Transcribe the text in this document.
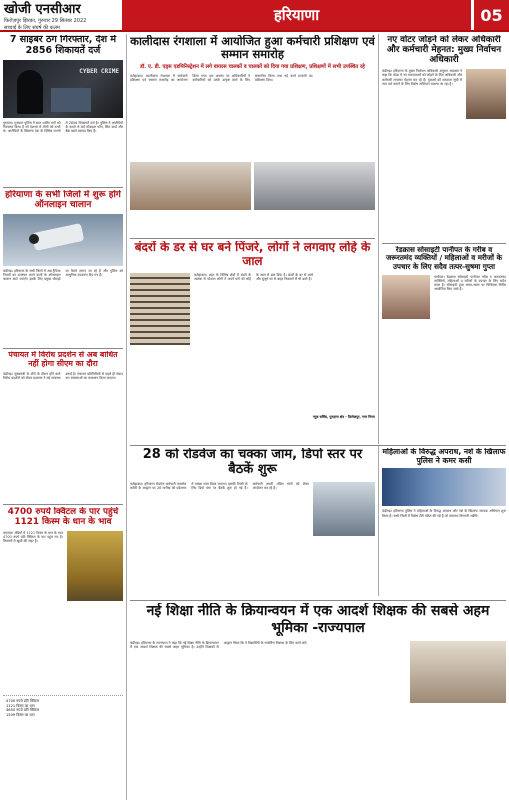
खोजी एनसीआर
फ़िरोज़पुर झिरका, गुरुवार 29 सितंबर 2022
सच्चाई के लिए संघर्ष की कलम
हरियाणा	05
7 साइबर ठग गिरफ्तार, देश में 2856 शिकायतें दर्ज
CYBER CRIME
गुरुग्राम। गुरुग्राम पुलिस ने सात शातिर ठगों को गिरफ्तार किया है जो देशभर में लोगों को ठगते थे। आरोपियों के खिलाफ देश के विभिन्न राज्यों में 2856 शिकायतें दर्ज हैं। पुलिस ने आरोपियों के कब्जे से कई मोबाइल फोन, सिम कार्ड और बैंक खाते बरामद किए हैं।
हरियाणा के सभी जिलों में शुरू होंगे ऑनलाइन चालान
चंडीगढ़। हरियाणा के सभी जिलों में अब ट्रैफिक नियमों का उल्लंघन करने वालों के ऑनलाइन चालान काटे जाएंगे। इसके लिए प्रमुख चौराहों पर कैमरे लगाए जा रहे हैं और पुलिस को आधुनिक उपकरण दिए गए हैं।
पंचायत में विरोध प्रदर्शन से अब बाधित नहीं होगा सीएम का दौरा
चंडीगढ़। मुख्यमंत्री के दौरों के दौरान होने वाले विरोध प्रदर्शनों को लेकर प्रशासन ने नई व्यवस्था बनाई है। पंचायत प्रतिनिधियों से पहले ही संवाद कर समस्याओं का समाधान किया जाएगा।
4700 रुपये क्विंटल के पार पहुंचे 1121 किस्म के धान के भाव
करनाल। मंडियों में 1121 किस्म के धान के भाव 4700 रुपये प्रति क्विंटल के पार पहुंच गए हैं। किसानों में खुशी की लहर है।
4700 रुपये प्रति क्विंटल
1121 किस्म का धान
4650 रुपये प्रति क्विंटल
1509 किस्म का धान
कालीदास रंगशाला में आयोजित हुआ कर्मचारी प्रशिक्षण एवं सम्मान समारोह
डॉ. ए. डी. एड्स एडमिनिस्ट्रेशन में लगे वायरस चालकों व चालकों को दिया गया प्रशिक्षण, प्रशिक्षणों में सभी उपस्थित रहे
फ़तेहाबाद। कालीदास रंगशाला में कर्मचारी प्रशिक्षण एवं सम्मान समारोह का आयोजन किया गया। इस अवसर पर अधिकारियों ने कर्मचारियों को उनके उत्कृष्ट कार्य के लिए सम्मानित किया तथा नई कार्य प्रणाली का प्रशिक्षण दिया।
बंदरों के डर से घर बने पिंजरे, लोगों ने लगवाए लोहे के जाल
फ़तेहाबाद। शहर के विभिन्न क्षेत्रों में बंदरों के आतंक से परेशान लोगों ने अपने घरों को लोहे के जाल से ढक दिया है। बंदरों के डर से बच्चे और बुजुर्ग घर से बाहर निकलने में भी डरते हैं।
न्यूज़ सर्विस, पुनहाना क्षेत्र - फ़िरोज़पुर, नगर निगम
नए वोटर जोड़ने को लेकर अधिकारी और कर्मचारी मेहनत: मुख्य निर्वाचन अधिकारी
चंडीगढ़। हरियाणा के मुख्य निर्वाचन अधिकारी अनुराग अग्रवाल ने कहा कि प्रदेश में नए मतदाताओं को जोड़ने के लिए अधिकारी और कर्मचारी लगातार मेहनत कर रहे हैं। युवाओं को मतदाता सूची में नाम दर्ज कराने के लिए विशेष अभियान चलाया जा रहा है।
रेडक्रास सोसाइटी पानीपत के गरीब व जरूरतमंद व्यक्तियों / महिलाओं व मरीजों के उपचार के लिए सदैव तत्पर-सुषमा गुप्ता
पानीपत। रेडक्रास सोसाइटी पानीपत गरीब व जरूरतमंद व्यक्तियों, महिलाओं व मरीजों के उपचार के लिए सदैव तत्पर है। सोसाइटी द्वारा समय-समय पर चिकित्सा शिविर आयोजित किए जाते हैं।
28 को रोडवेज का चक्का जाम, डिपो स्तर पर बैठकें शुरू
फ़तेहाबाद। हरियाणा रोडवेज कर्मचारी तालमेल कमेटी के आह्वान पर 28 तारीख को प्रदेशभर में चक्का जाम किया जाएगा। इसकी तैयारी के लिए डिपो स्तर पर बैठकें शुरू हो गई हैं। कर्मचारी अपनी लंबित मांगों को लेकर आंदोलन कर रहे हैं।
महिलाओं के विरुद्ध अपराध, नशे के खिलाफ पुलिस ने कमर कसी
चंडीगढ़। हरियाणा पुलिस ने महिलाओं के विरुद्ध अपराध और नशे के खिलाफ व्यापक अभियान शुरू किया है। सभी जिलों में विशेष टीमें गठित की गई हैं जो लगातार निगरानी रखेंगी।
नई शिक्षा नीति के क्रियान्वयन में एक आदर्श शिक्षक की सबसे अहम भूमिका -राज्यपाल
चंडीगढ़। हरियाणा के राज्यपाल ने कहा कि नई शिक्षा नीति के क्रियान्वयन में एक आदर्श शिक्षक की सबसे अहम भूमिका है। उन्होंने शिक्षकों से आह्वान किया कि वे विद्यार्थियों के सर्वांगीण विकास के लिए कार्य करें।
